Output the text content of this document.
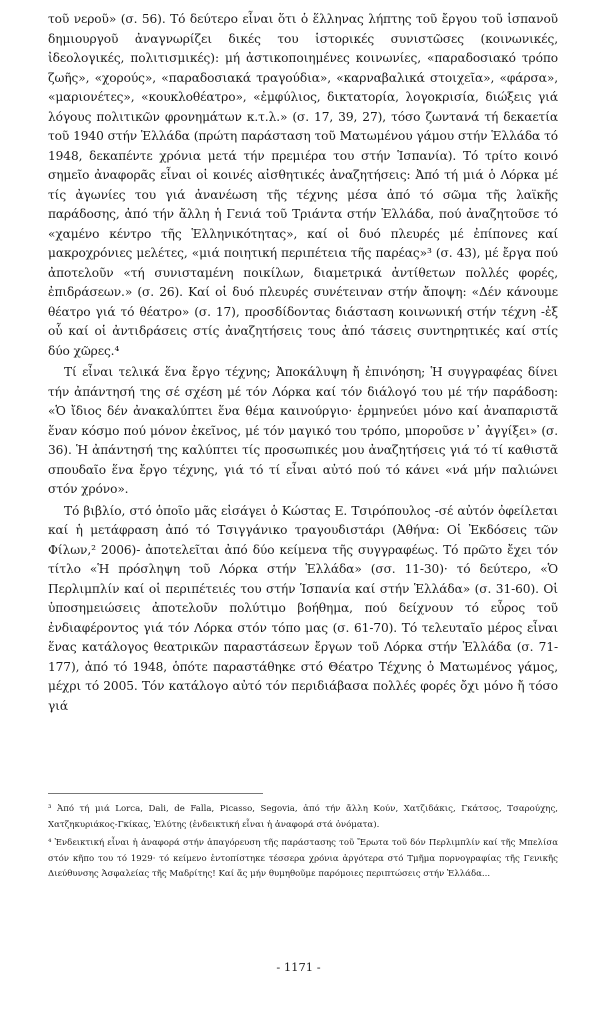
τοῦ νεροῦ» (σ. 56). Τό δεύτερο εἶναι ὅτι ὁ ἕλληνας λήπτης τοῦ ἔργου τοῦ ἱσπανοῦ δημιουργοῦ ἀναγνωρίζει δικές του ἱστορικές συνιστῶσες (κοινωνικές, ἰδεολογικές, πολιτισμικές): μή ἀστικοποιημένες κοινωνίες, «παραδοσιακό τρόπο ζωῆς», «χορούς», «παραδοσιακά τραγούδια», «καρναβαλικά στοιχεῖα», «φάρσα», «μαριονέτες», «κουκλοθέατρο», «ἐμφύλιος, δικτατορία, λογοκρισία, διώξεις γιά λόγους πολιτικῶν φρονημάτων κ.τ.λ.» (σ. 17, 39, 27), τόσο ζωντανά τή δεκαετία τοῦ 1940 στήν Ἑλλάδα (πρώτη παράσταση τοῦ Ματωμένου γάμου στήν Ἑλλάδα τό 1948, δεκαπέντε χρόνια μετά τήν πρεμιέρα του στήν Ἱσπανία). Τό τρίτο κοινό σημεῖο ἀναφορᾶς εἶναι οἱ κοινές αἰσθητικές ἀναζητήσεις: Ἀπό τή μιά ὁ Λόρκα μέ τίς ἀγωνίες του γιά ἀνανέωση τῆς τέχνης μέσα ἀπό τό σῶμα τῆς λαϊκῆς παράδοσης, ἀπό τήν ἄλλη ἡ Γενιά τοῦ Τριάντα στήν Ἑλλάδα, πού ἀναζητοῦσε τό «χαμένο κέντρο τῆς Ἑλληνικότητας», καί οἱ δυό πλευρές μέ ἐπίπονες καί μακροχρόνιες μελέτες, «μιά ποιητική περιπέτεια τῆς παρέας»³ (σ. 43), μέ ἔργα πού ἀποτελοῦν «τή συνισταμένη ποικίλων, διαμετρικά ἀντίθετων πολλές φορές, ἐπιδράσεων.» (σ. 26). Καί οἱ δυό πλευρές συνέτειναν στήν ἄποψη: «Δέν κάνουμε θέατρο γιά τό θέατρο» (σ. 17), προσδίδοντας διάσταση κοινωνική στήν τέχνη -ἐξ οὗ καί οἱ ἀντιδράσεις στίς ἀναζητήσεις τους ἀπό τάσεις συντηρητικές καί στίς δύο χῶρες.⁴

Τί εἶναι τελικά ἕνα ἔργο τέχνης; Ἀποκάλυψη ἤ ἐπινόηση; Ἡ συγγραφέας δίνει τήν ἀπάντησή της σέ σχέση μέ τόν Λόρκα καί τόν διάλογό του μέ τήν παράδοση: «Ὁ ἴδιος δέν ἀνακαλύπτει ἕνα θέμα καινούργιο· ἑρμηνεύει μόνο καί ἀναπαριστᾶ ἕναν κόσμο πού μόνον ἐκεῖνος, μέ τόν μαγικό του τρόπο, μποροῦσε ν᾽ ἀγγίξει» (σ. 36). Ἡ ἀπάντησή της καλύπτει τίς προσωπικές μου ἀναζητήσεις γιά τό τί καθιστᾶ σπουδαῖο ἕνα ἔργο τέχνης, γιά τό τί εἶναι αὐτό πού τό κάνει «νά μήν παλιώνει στόν χρόνο».

Τό βιβλίο, στό ὁποῖο μᾶς εἰσάγει ὁ Κώστας Ε. Τσιρόπουλος -σέ αὐτόν ὀφείλεται καί ἡ μετάφραση ἀπό τό Τσιγγάνικο τραγουδιστάρι (Ἀθήνα: Οἱ Ἐκδόσεις τῶν Φίλων,² 2006)- ἀποτελεῖται ἀπό δύο κείμενα τῆς συγγραφέως. Τό πρῶτο ἔχει τόν τίτλο «Ἡ πρόσληψη τοῦ Λόρκα στήν Ἑλλάδα» (σσ. 11-30)· τό δεύτερο, «Ὁ Περλιμπλίν καί οἱ περιπέτειές του στήν Ἱσπανία καί στήν Ἑλλάδα» (σ. 31-60). Οἱ ὑποσημειώσεις ἀποτελοῦν πολύτιμο βοήθημα, πού δείχνουν τό εὖρος τοῦ ἐνδιαφέροντος γιά τόν Λόρκα στόν τόπο μας (σ. 61-70). Τό τελευταῖο μέρος εἶναι ἕνας κατάλογος θεατρικῶν παραστάσεων ἔργων τοῦ Λόρκα στήν Ἑλλάδα (σ. 71-177), ἀπό τό 1948, ὁπότε παραστάθηκε στό Θέατρο Τέχνης ὁ Ματωμένος γάμος, μέχρι τό 2005. Τόν κατάλογο αὐτό τόν περιδιάβασα πολλές φορές ὄχι μόνο ἤ τόσο γιά

³ Ἀπό τή μιά Lorca, Dali, de Falla, Picasso, Segovia, ἀπό τήν ἄλλη Κούν, Χατζιδάκις, Γκάτσος, Τσαρούχης, Χατζηκυριάκος-Γκίκας, Ἐλύτης (ἐνδεικτική εἶναι ἡ ἀναφορά στά ὀνόματα).

⁴ Ἐνδεικτική εἶναι ἡ ἀναφορά στήν ἀπαγόρευση τῆς παράστασης τοῦ Ἔρωτα τοῦ δόν Περλιμπλίν καί τῆς Μπελίσα στόν κῆπο του τό 1929· τό κείμενο ἐντοπίστηκε τέσσερα χρόνια ἀργότερα στό Τμῆμα πορνογραφίας τῆς Γενικῆς Διεύθυνσης Ἀσφαλείας τῆς Μαδρίτης! Καί ἄς μήν θυμηθοῦμε παρόμοιες περιπτώσεις στήν Ἑλλάδα...

- 1171 -
